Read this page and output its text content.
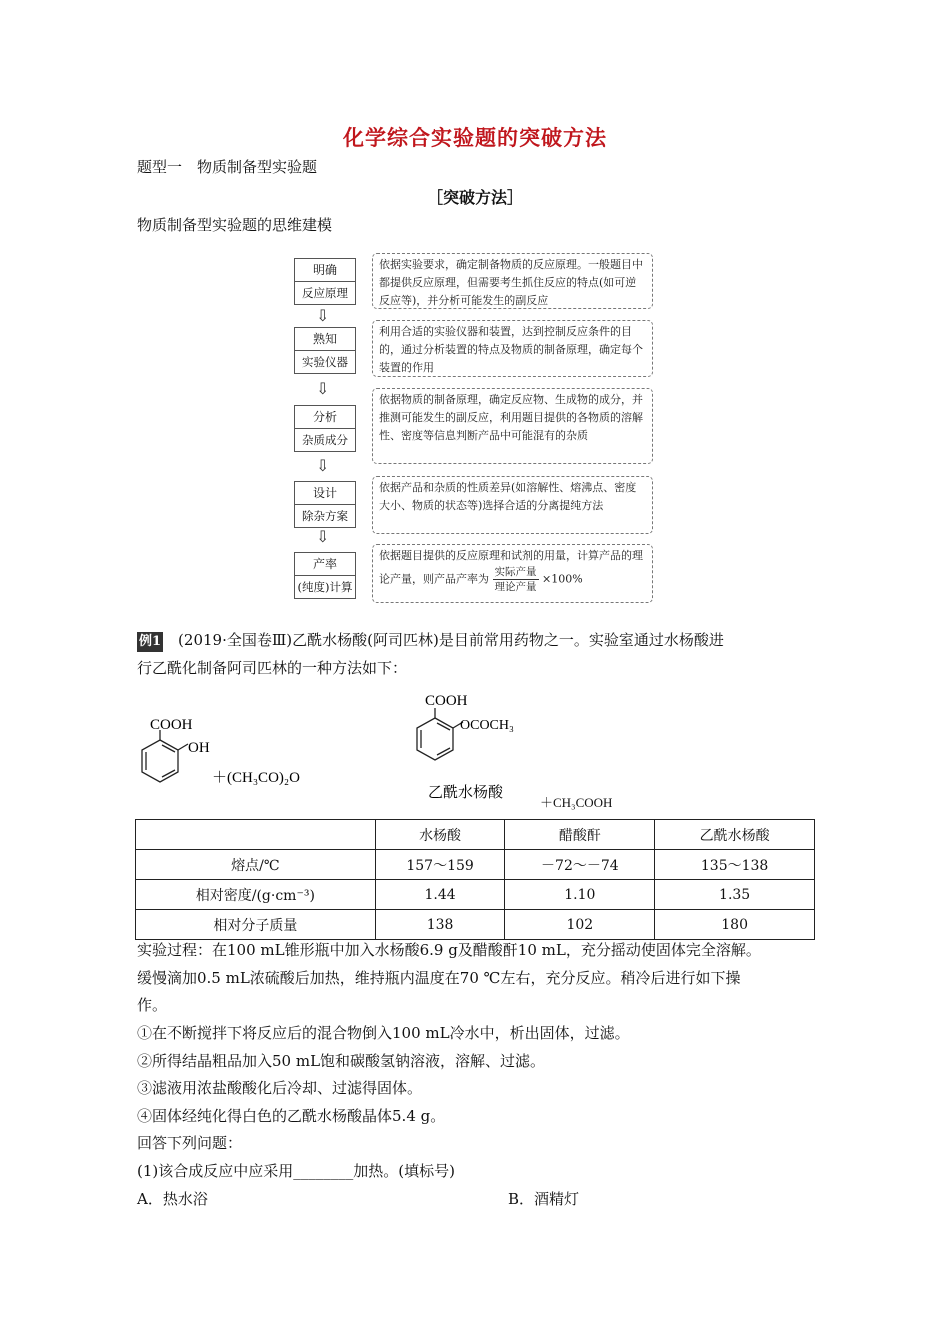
化学综合实验题的突破方法
题型一　物质制备型实验题
［突破方法］
物质制备型实验题的思维建模
明确
反应原理
依据实验要求，确定制备物质的反应原理。一般题目中都提供反应原理，但需要考生抓住反应的特点(如可逆反应等)，并分析可能发生的副反应
⇩
熟知
实验仪器
利用合适的实验仪器和装置，达到控制反应条件的目的，通过分析装置的特点及物质的制备原理，确定每个装置的作用
⇩
分析
杂质成分
依据物质的制备原理，确定反应物、生成物的成分，并推测可能发生的副反应，利用题目提供的各物质的溶解性、密度等信息判断产品中可能混有的杂质
⇩
设计
除杂方案
依据产品和杂质的性质差异(如溶解性、熔沸点、密度大小、物质的状态等)选择合适的分离提纯方法
⇩
产率
(纯度)计算
依据题目提供的反应原理和试剂的用量，计算产品的理论产量，则产品产率为 $\frac{\text{实际产量}}{\text{理论产量}} \times 100\%$
例1　(2019·全国卷Ⅲ)乙酰水杨酸(阿司匹林)是目前常用药物之一。实验室通过水杨酸进
行乙酰化制备阿司匹林的一种方法如下：
COOH
OH
＋(CH₃CO)₂O
COOH
OCOCH₃
乙酰水杨酸
＋CH₃COOH
	水杨酸	醋酸酐	乙酰水杨酸
熔点/℃	157～159	－72～－74	135～138
相对密度/(g·cm⁻³)	1.44	1.10	1.35
相对分子质量	138	102	180
实验过程：在100 mL锥形瓶中加入水杨酸6.9 g及醋酸酐10 mL，充分摇动使固体完全溶解。
缓慢滴加0.5 mL浓硫酸后加热，维持瓶内温度在70 ℃左右，充分反应。稍冷后进行如下操
作。
①在不断搅拌下将反应后的混合物倒入100 mL冷水中，析出固体，过滤。
②所得结晶粗品加入50 mL饱和碳酸氢钠溶液，溶解、过滤。
③滤液用浓盐酸酸化后冷却、过滤得固体。
④固体经纯化得白色的乙酰水杨酸晶体5.4 g。
回答下列问题：
(1)该合成反应中应采用________加热。(填标号)
A．热水浴	B．酒精灯
